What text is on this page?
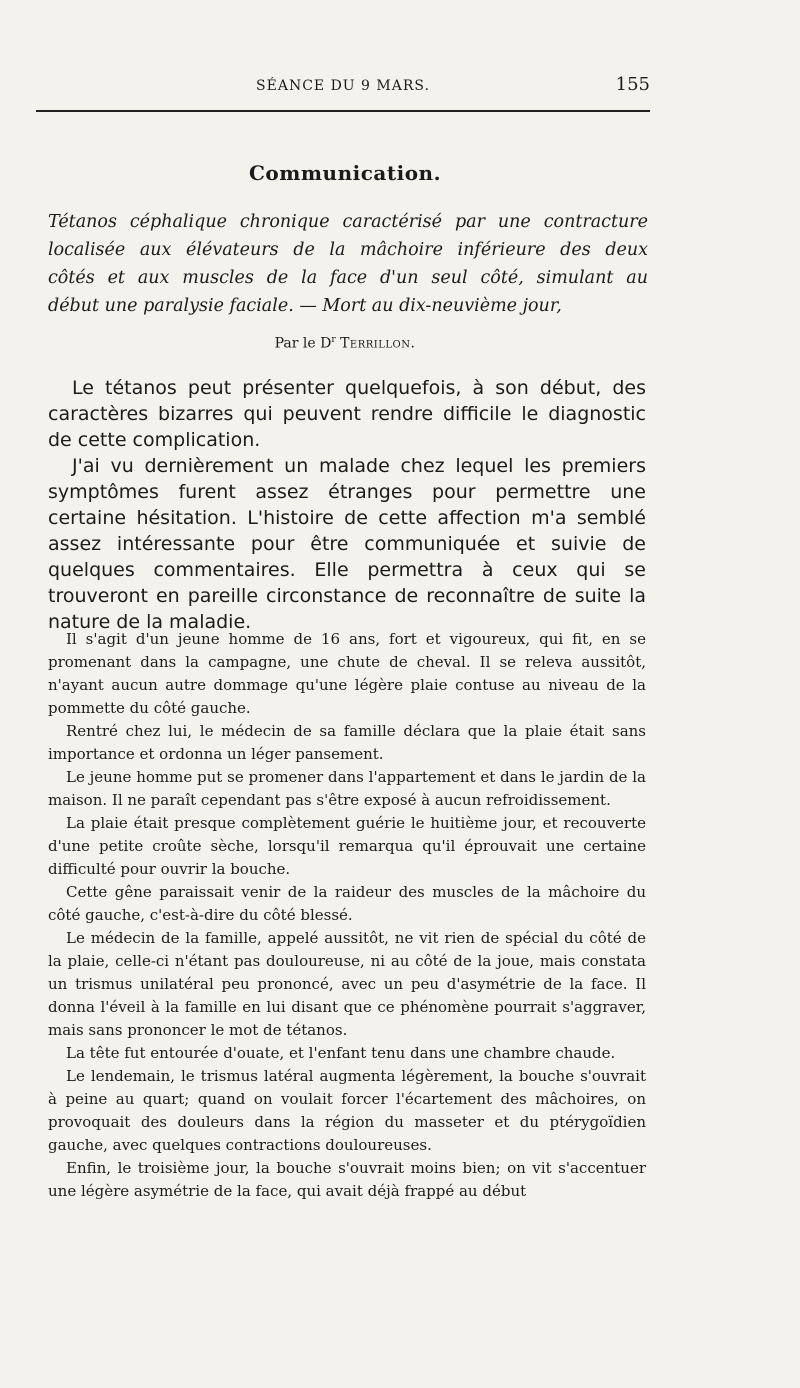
SÉANCE DU 9 MARS.	155
Communication.
Tétanos céphalique chronique caractérisé par une contracture
localisée aux élévateurs de la mâchoire inférieure des deux
côtés et aux muscles de la face d'un seul côté, simulant au
début une paralysie faciale. — Mort au dix-neuvième jour,
Par le $D^r$ Terrillon.

Le tétanos peut présenter quelquefois, à son début, des caractères bizarres qui peuvent rendre difficile le diagnostic de cette complication.

J'ai vu dernièrement un malade chez lequel les premiers symptômes furent assez étranges pour permettre une certaine hésitation. L'histoire de cette affection m'a semblé assez intéressante pour être communiquée et suivie de quelques commentaires. Elle permettra à ceux qui se trouveront en pareille circonstance de reconnaître de suite la nature de la maladie.

Il s'agit d'un jeune homme de 16 ans, fort et vigoureux, qui fit, en se promenant dans la campagne, une chute de cheval. Il se releva aussitôt, n'ayant aucun autre dommage qu'une légère plaie contuse au niveau de la pommette du côté gauche.

Rentré chez lui, le médecin de sa famille déclara que la plaie était sans importance et ordonna un léger pansement.

Le jeune homme put se promener dans l'appartement et dans le jardin de la maison. Il ne paraît cependant pas s'être exposé à aucun refroidissement.

La plaie était presque complètement guérie le huitième jour, et recouverte d'une petite croûte sèche, lorsqu'il remarqua qu'il éprouvait une certaine difficulté pour ouvrir la bouche.

Cette gêne paraissait venir de la raideur des muscles de la mâchoire du côté gauche, c'est-à-dire du côté blessé.

Le médecin de la famille, appelé aussitôt, ne vit rien de spécial du côté de la plaie, celle-ci n'étant pas douloureuse, ni au côté de la joue, mais constata un trismus unilatéral peu prononcé, avec un peu d'asymétrie de la face. Il donna l'éveil à la famille en lui disant que ce phénomène pourrait s'aggraver, mais sans prononcer le mot de tétanos.

La tête fut entourée d'ouate, et l'enfant tenu dans une chambre chaude.

Le lendemain, le trismus latéral augmenta légèrement, la bouche s'ouvrait à peine au quart; quand on voulait forcer l'écartement des mâchoires, on provoquait des douleurs dans la région du masseter et du ptérygoïdien gauche, avec quelques contractions douloureuses.

Enfin, le troisième jour, la bouche s'ouvrait moins bien; on vit s'accentuer une légère asymétrie de la face, qui avait déjà frappé au début
